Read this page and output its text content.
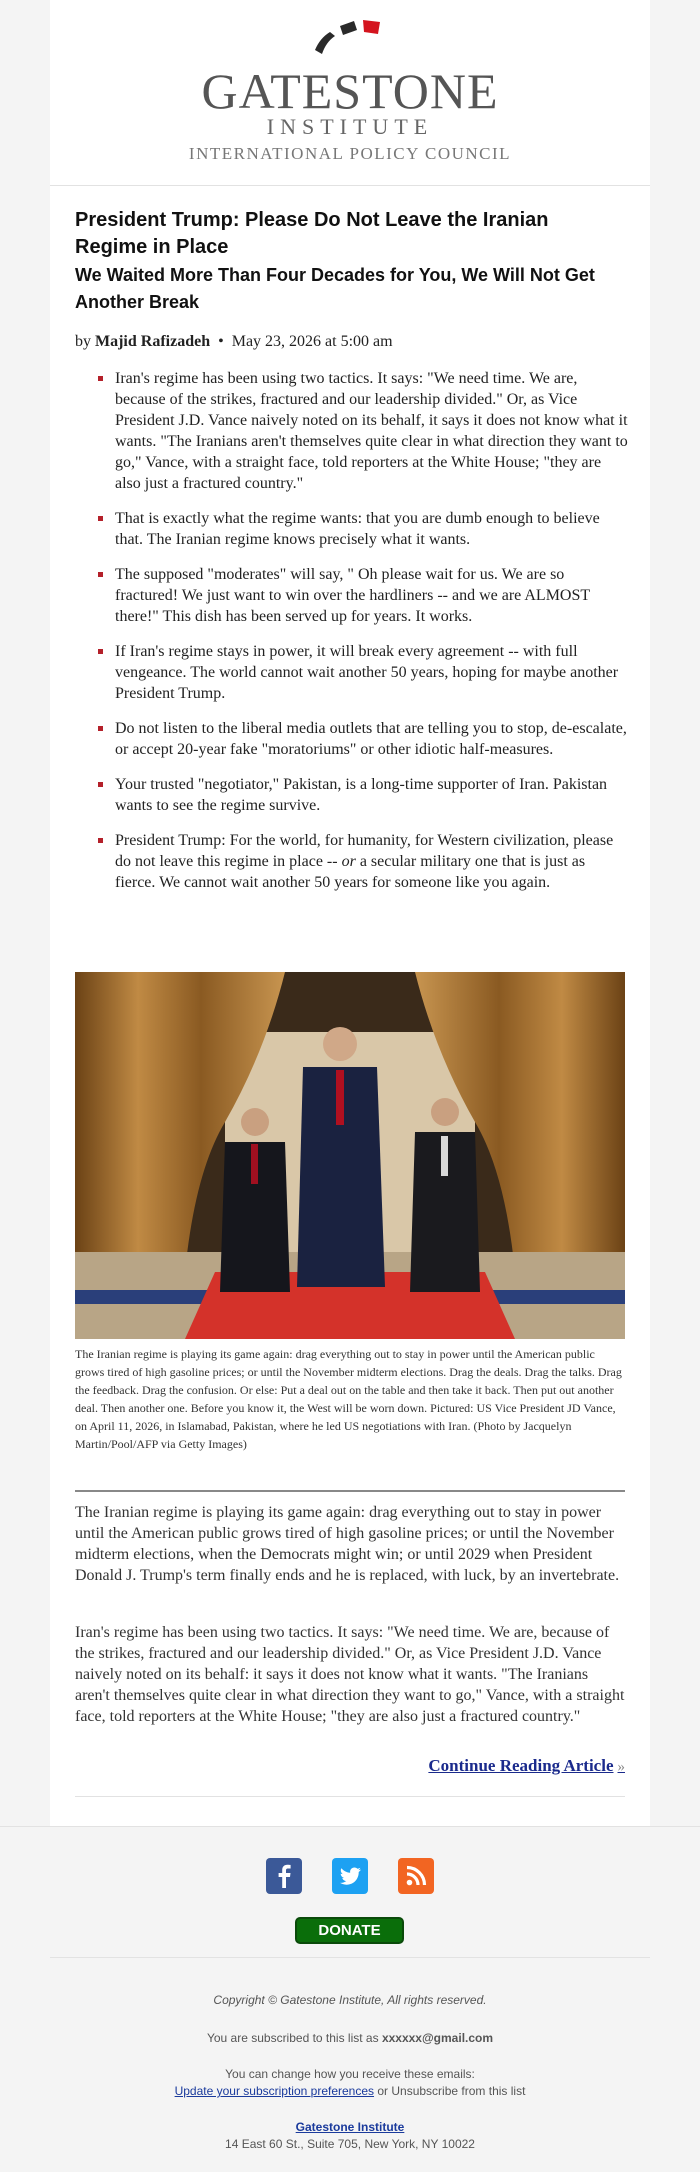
GATESTONE
INSTITUTE
INTERNATIONAL POLICY COUNCIL
President Trump: Please Do Not Leave the Iranian Regime in Place
We Waited More Than Four Decades for You, We Will Not Get Another Break
by Majid Rafizadeh • May 23, 2026 at 5:00 am
Iran's regime has been using two tactics. It says: "We need time. We are, because of the strikes, fractured and our leadership divided." Or, as Vice President J.D. Vance naively noted on its behalf, it says it does not know what it wants. "The Iranians aren't themselves quite clear in what direction they want to go," Vance, with a straight face, told reporters at the White House; "they are also just a fractured country."
That is exactly what the regime wants: that you are dumb enough to believe that. The Iranian regime knows precisely what it wants.
The supposed "moderates" will say, " Oh please wait for us. We are so fractured! We just want to win over the hardliners -- and we are ALMOST there!" This dish has been served up for years. It works.
If Iran's regime stays in power, it will break every agreement -- with full vengeance. The world cannot wait another 50 years, hoping for maybe another President Trump.
Do not listen to the liberal media outlets that are telling you to stop, de-escalate, or accept 20-year fake "moratoriums" or other idiotic half-measures.
Your trusted "negotiator," Pakistan, is a long-time supporter of Iran. Pakistan wants to see the regime survive.
President Trump: For the world, for humanity, for Western civilization, please do not leave this regime in place -- or a secular military one that is just as fierce. We cannot wait another 50 years for someone like you again.

The Iranian regime is playing its game again: drag everything out to stay in power until the American public grows tired of high gasoline prices; or until the November midterm elections. Drag the deals. Drag the talks. Drag the feedback. Drag the confusion. Or else: Put a deal out on the table and then take it back. Then put out another deal. Then another one. Before you know it, the West will be worn down. Pictured: US Vice President JD Vance, on April 11, 2026, in Islamabad, Pakistan, where he led US negotiations with Iran. (Photo by Jacquelyn Martin/Pool/AFP via Getty Images)

The Iranian regime is playing its game again: drag everything out to stay in power until the American public grows tired of high gasoline prices; or until the November midterm elections, when the Democrats might win; or until 2029 when President Donald J. Trump's term finally ends and he is replaced, with luck, by an invertebrate.

Iran's regime has been using two tactics. It says: "We need time. We are, because of the strikes, fractured and our leadership divided." Or, as Vice President J.D. Vance naively noted on its behalf: it says it does not know what it wants. "The Iranians aren't themselves quite clear in what direction they want to go," Vance, with a straight face, told reporters at the White House; "they are also just a fractured country."

Continue Reading Article »
DONATE
Copyright © Gatestone Institute, All rights reserved.
You are subscribed to this list as xxxxxx@gmail.com
You can change how you receive these emails:
Update your subscription preferences or Unsubscribe from this list
Gatestone Institute
14 East 60 St., Suite 705, New York, NY 10022
